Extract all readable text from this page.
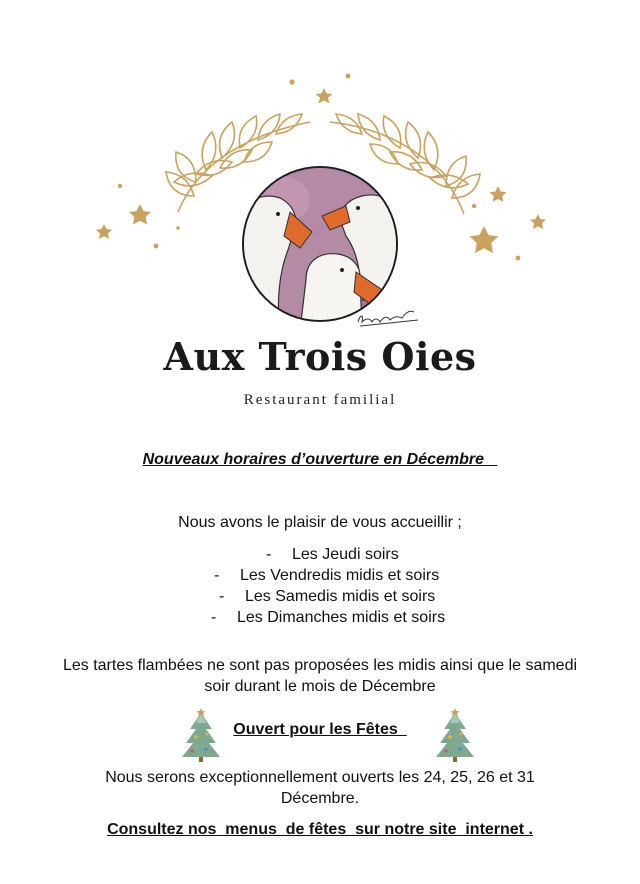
Aux Trois Oies
Restaurant familial
Nouveaux horaires d’ouverture en Décembre
Nous avons le plaisir de vous accueillir ;
- Les Jeudi soirs
- Les Vendredis midis et soirs
- Les Samedis midis et soirs
- Les Dimanches midis et soirs
Les tartes flambées ne sont pas proposées les midis ainsi que le samedi soir durant le mois de Décembre
Ouvert pour les Fêtes
Nous serons exceptionnellement ouverts les 24, 25, 26 et 31 Décembre.
Consultez nos  menus  de fêtes  sur notre site  internet .
